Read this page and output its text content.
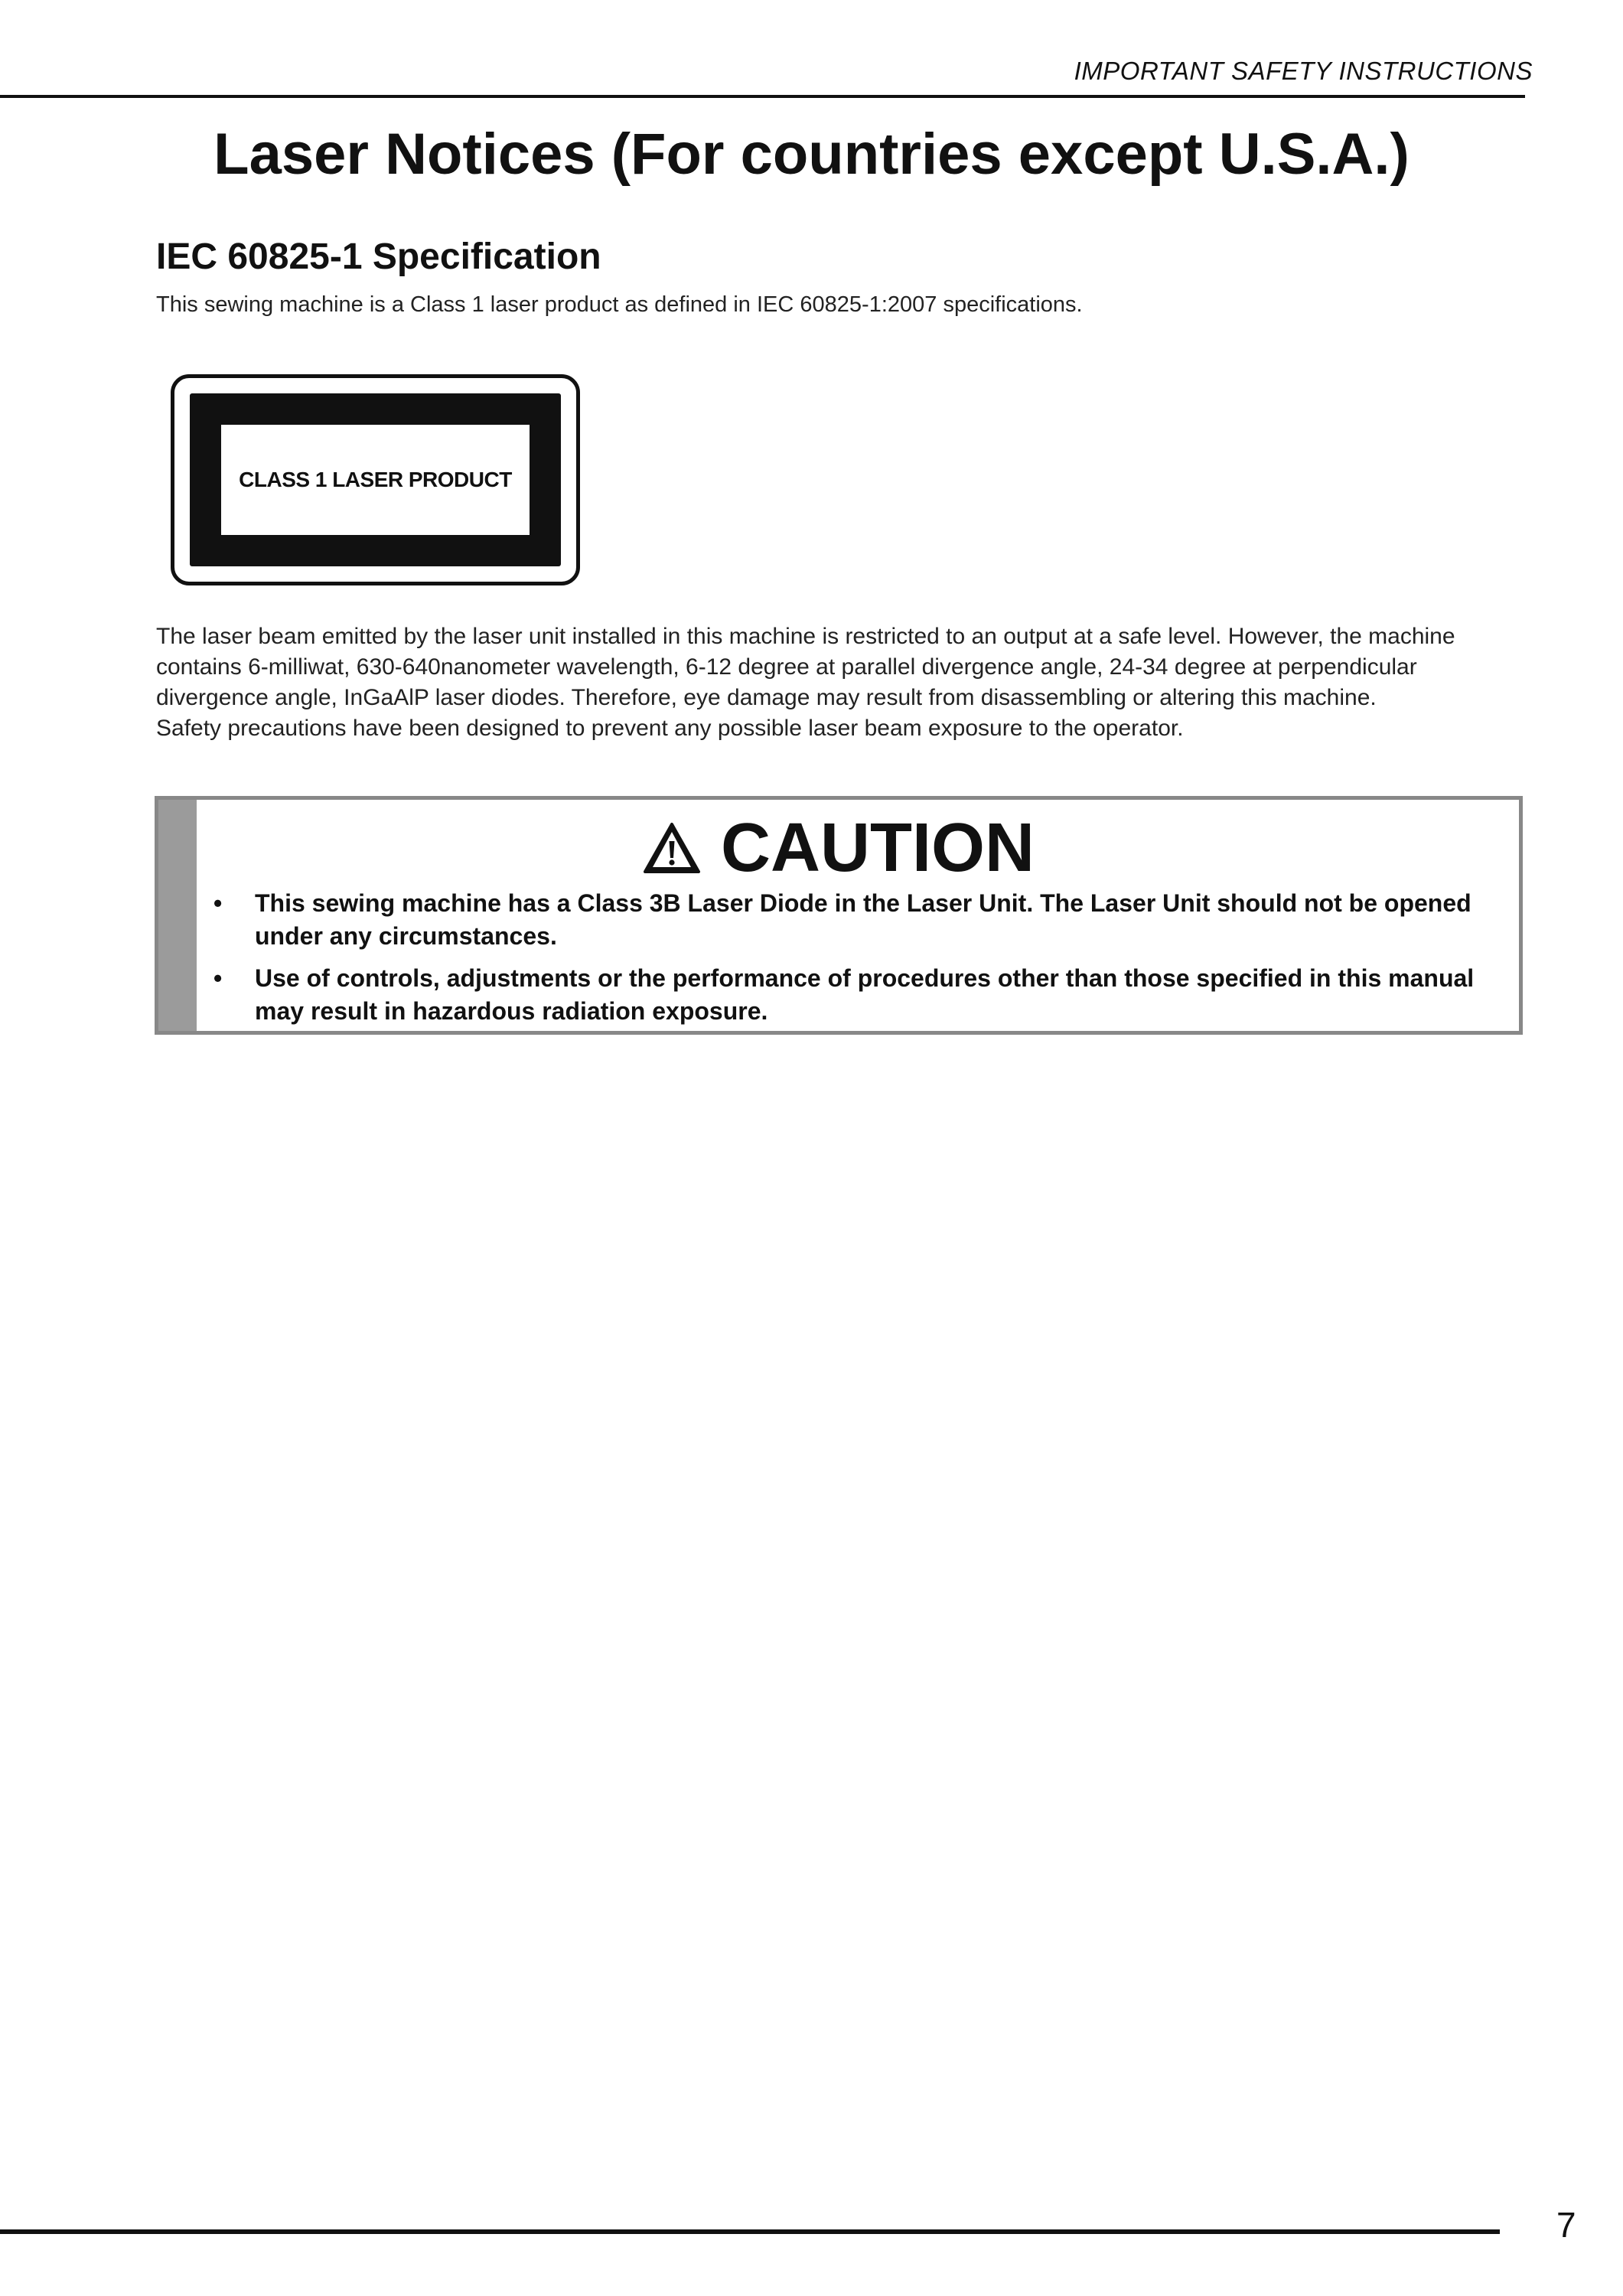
IMPORTANT SAFETY INSTRUCTIONS
Laser Notices (For countries except U.S.A.)
IEC 60825-1 Specification
This sewing machine is a Class 1 laser product as defined in IEC 60825-1:2007 specifications.
CLASS 1 LASER PRODUCT

The laser beam emitted by the laser unit installed in this machine is restricted to an output at a safe level. However, the machine contains 6-milliwat, 630-640nanometer wavelength, 6-12 degree at parallel divergence angle, 24-34 degree at perpendicular divergence angle, InGaAlP laser diodes. Therefore, eye damage may result from disassembling or altering this machine.

Safety precautions have been designed to prevent any possible laser beam exposure to the operator.

CAUTION
• This sewing machine has a Class 3B Laser Diode in the Laser Unit. The Laser Unit should not be opened under any circumstances.
• Use of controls, adjustments or the performance of procedures other than those specified in this manual may result in hazardous radiation exposure.
7
